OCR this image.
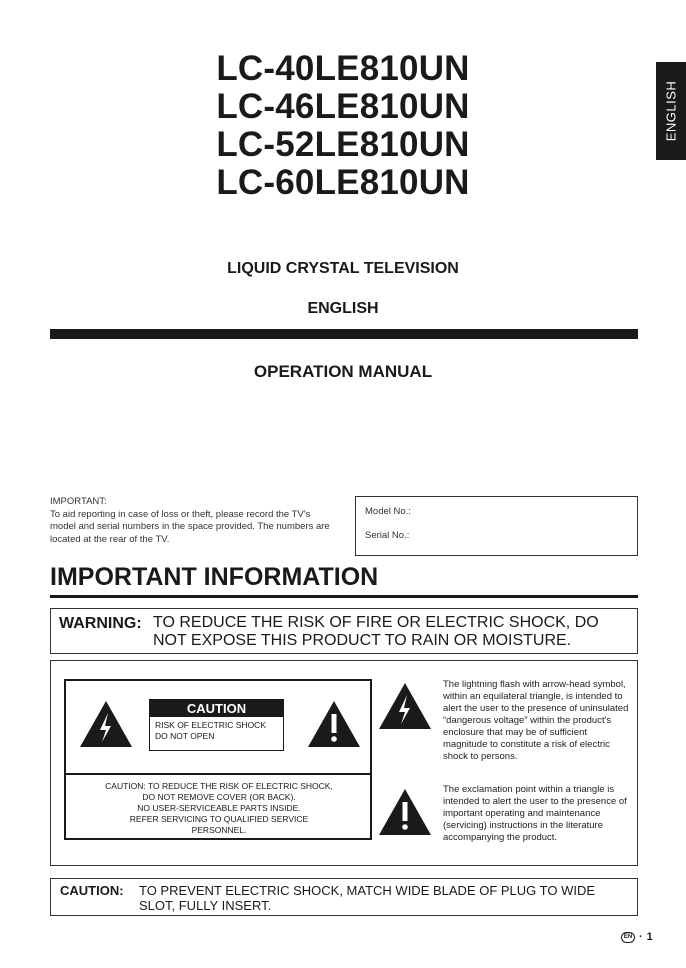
ENGLISH
LC-40LE810UN
LC-46LE810UN
LC-52LE810UN
LC-60LE810UN
LIQUID CRYSTAL TELEVISION
ENGLISH
OPERATION MANUAL
IMPORTANT:
To aid reporting in case of loss or theft, please record the TV's model and serial numbers in the space provided. The numbers are located at the rear of the TV.
Model No.:
Serial No.:
IMPORTANT INFORMATION
WARNING: TO REDUCE THE RISK OF FIRE OR ELECTRIC SHOCK, DO NOT EXPOSE THIS PRODUCT TO RAIN OR MOISTURE.
CAUTION
RISK OF ELECTRIC SHOCK
DO NOT OPEN
CAUTION: TO REDUCE THE RISK OF ELECTRIC SHOCK,
DO NOT REMOVE COVER (OR BACK).
NO USER-SERVICEABLE PARTS INSIDE.
REFER SERVICING TO QUALIFIED SERVICE
PERSONNEL.
The lightning flash with arrow-head symbol, within an equilateral triangle, is intended to alert the user to the presence of uninsulated “dangerous voltage” within the product's enclosure that may be of sufficient magnitude to constitute a risk of electric shock to persons.
The exclamation point within a triangle is intended to alert the user to the presence of important operating and maintenance (servicing) instructions in the literature accompanying the product.
CAUTION: TO PREVENT ELECTRIC SHOCK, MATCH WIDE BLADE OF PLUG TO WIDE SLOT, FULLY INSERT.
EN · 1
